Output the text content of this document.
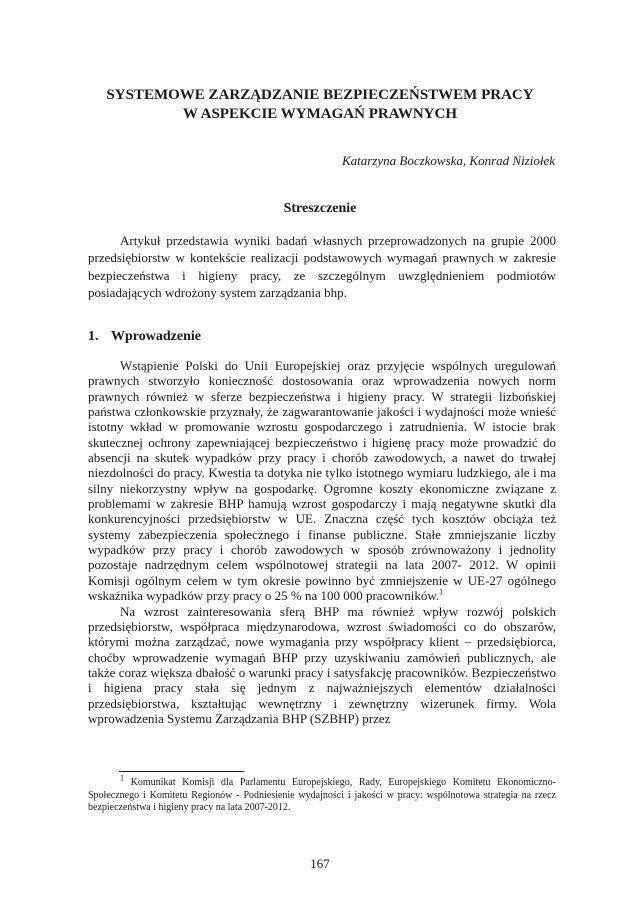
SYSTEMOWE ZARZĄDZANIE BEZPIECZEŃSTWEM PRACY
W ASPEKCIE WYMAGAŃ PRAWNYCH
Katarzyna Boczkowska, Konrad Niziołek
Streszczenie

Artykuł przedstawia wyniki badań własnych przeprowadzonych na grupie 2000 przedsiębiorstw w kontekście realizacji podstawowych wymagań prawnych w zakresie bezpieczeństwa i higieny pracy, ze szczególnym uwzględnieniem podmiotów posiadających wdrożony system zarządzania bhp.

1. Wprowadzenie

Wstąpienie Polski do Unii Europejskiej oraz przyjęcie wspólnych uregulowań prawnych stworzyło konieczność dostosowania oraz wprowadzenia nowych norm prawnych również w sferze bezpieczeństwa i higieny pracy. W strategii lizbońskiej państwa członkowskie przyznały, że zagwarantowanie jakości i wydajności może wnieść istotny wkład w promowanie wzrostu gospodarczego i zatrudnienia. W istocie brak skutecznej ochrony zapewniającej bezpieczeństwo i higienę pracy może prowadzić do absencji na skutek wypadków przy pracy i chorób zawodowych, a nawet do trwałej niezdolności do pracy. Kwestia ta dotyka nie tylko istotnego wymiaru ludzkiego, ale i ma silny niekorzystny wpływ na gospodarkę. Ogromne koszty ekonomiczne związane z problemami w zakresie BHP hamują wzrost gospodarczy i mają negatywne skutki dla konkurencyjności przedsiębiorstw w UE. Znaczna część tych kosztów obciąża też systemy zabezpieczenia społecznego i finanse publiczne. Stałe zmniejszanie liczby wypadków przy pracy i chorób zawodowych w sposób zrównoważony i jednolity pozostaje nadrzędnym celem wspólnotowej strategii na lata 2007- 2012. W opinii Komisji ogólnym celem w tym okresie powinno być zmniejszenie w UE-27 ogólnego wskaźnika wypadków przy pracy o 25 % na 100 000 pracowników.$^1$

Na wzrost zainteresowania sferą BHP ma również wpływ rozwój polskich przedsiębiorstw, współpraca międzynarodowa, wzrost świadomości co do obszarów, którymi można zarządzać, nowe wymagania przy współpracy klient – przedsiębiorca, choćby wprowadzenie wymagań BHP przy uzyskiwaniu zamówień publicznych, ale także coraz większa dbałość o warunki pracy i satysfakcję pracowników. Bezpieczeństwo i higiena pracy stała się jednym z najważniejszych elementów działalności przedsiębiorstwa, kształtując wewnętrzny i zewnętrzny wizerunek firmy. Wola wprowadzenia Systemu Zarządzania BHP (SZBHP) przez

$^1$ Komunikat Komisji dla Parlamentu Europejskiego, Rady, Europejskiego Komitetu Ekonomiczno-Społecznego i Komitetu Regionów - Podniesienie wydajności i jakości w pracy: wspólnotowa strategia na rzecz bezpieczeństwa i higieny pracy na lata 2007-2012.

167
